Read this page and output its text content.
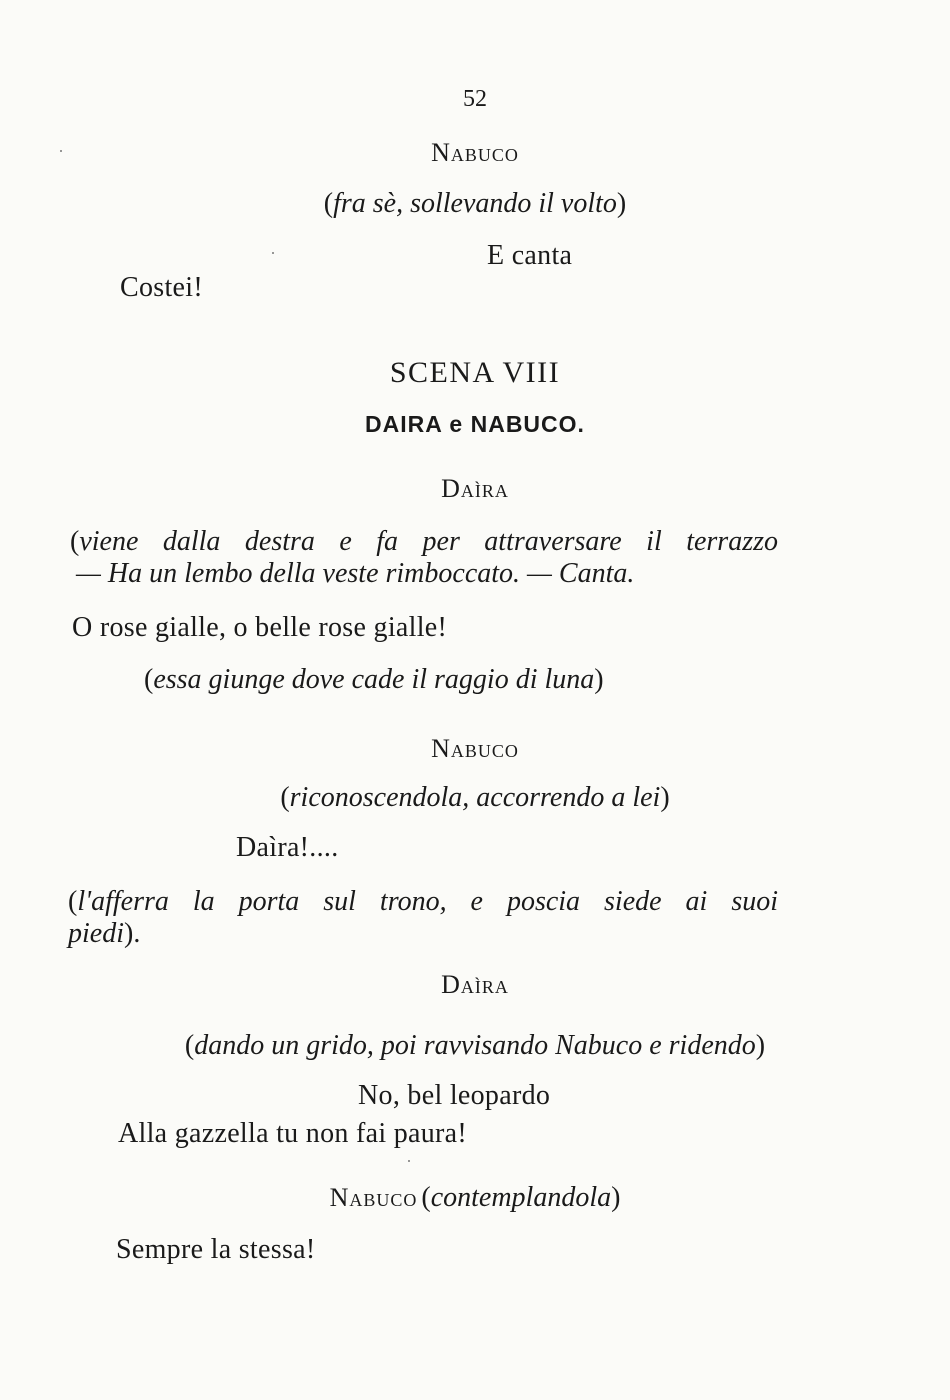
52
Nabuco
(fra sè, sollevando il volto)
E canta
Costei!
SCENA VIII
DAIRA e NABUCO.
Daìra
(viene dalla destra e fa per attraversare il terrazzo
— Ha un lembo della veste rimboccato. — Canta.
O rose gialle, o belle rose gialle!
(essa giunge dove cade il raggio di luna)
Nabuco
(riconoscendola, accorrendo a lei)
Daìra!....
(l'afferra la porta sul trono, e poscia siede ai suoi
piedi).
Daìra
(dando un grido, poi ravvisando Nabuco e ridendo)
No, bel leopardo
Alla gazzella tu non fai paura!
Nabuco (contemplandola)
Sempre la stessa!
